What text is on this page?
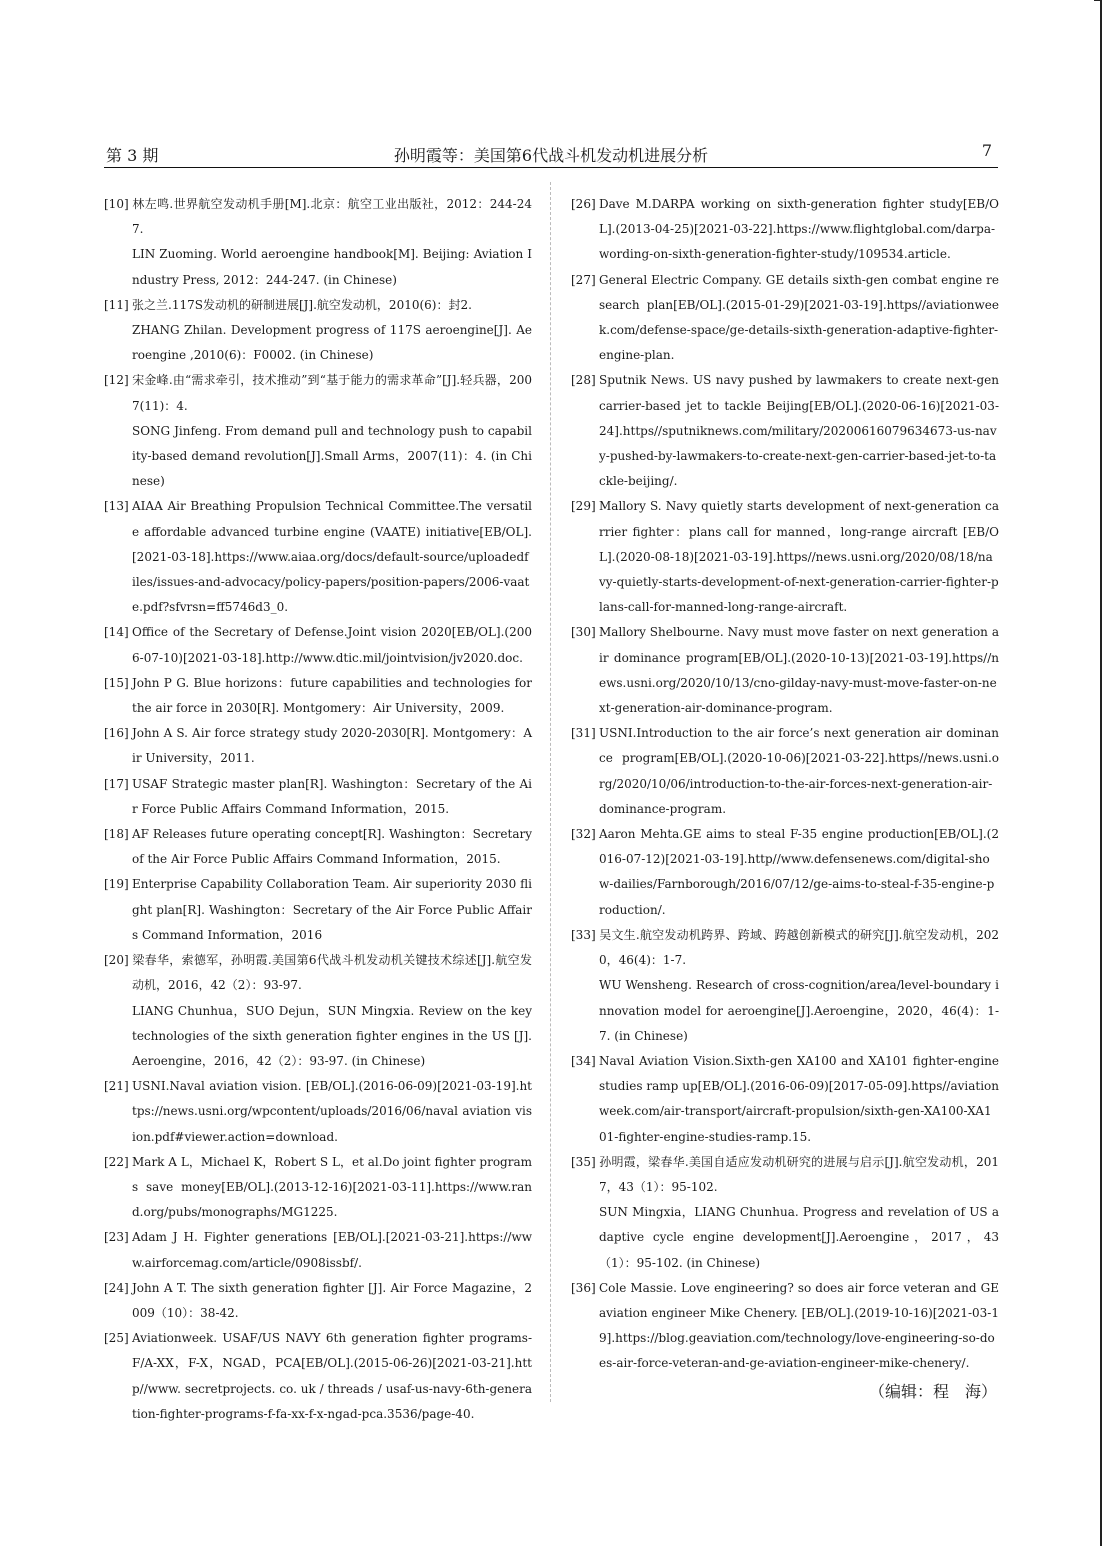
第 3 期	孙明霞等：美国第6代战斗机发动机进展分析	7
[10] 林左鸣.世界航空发动机手册[M].北京：航空工业出版社，2012：244-247.
LIN Zuoming. World aeroengine handbook[M]. Beijing: Aviation Industry Press, 2012：244-247. (in Chinese)
[11] 张之兰.117S发动机的研制进展[J].航空发动机，2010(6)：封2.
ZHANG Zhilan. Development progress of 117S aeroengine[J]. Aeroengine ,2010(6)：F0002. (in Chinese)
[12] 宋金峰.由“需求牵引，技术推动”到“基于能力的需求革命”[J].轻兵器，2007(11)：4.
SONG Jinfeng. From demand pull and technology push to capability-based demand revolution[J].Small Arms，2007(11)：4. (in Chinese)
[13] AIAA Air Breathing Propulsion Technical Committee.The versatile affordable advanced turbine engine (VAATE) initiative[EB/OL].[2021-03-18].https://www.aiaa.org/docs/default-source/uploadedfiles/issues-and-advocacy/policy-papers/position-papers/2006-vaate.pdf?sfvrsn=ff5746d3_0.
[14] Office of the Secretary of Defense.Joint vision 2020[EB/OL].(2006-07-10)[2021-03-18].http://www.dtic.mil/jointvision/jv2020.doc.
[15] John P G. Blue horizons：future capabilities and technologies for the air force in 2030[R]. Montgomery：Air University，2009.
[16] John A S. Air force strategy study 2020-2030[R]. Montgomery：Air University，2011.
[17] USAF Strategic master plan[R]. Washington：Secretary of the Air Force Public Affairs Command Information，2015.
[18] AF Releases future operating concept[R]. Washington：Secretary of the Air Force Public Affairs Command Information，2015.
[19] Enterprise Capability Collaboration Team. Air superiority 2030 flight plan[R]. Washington：Secretary of the Air Force Public Affairs Command Information，2016
[20] 梁春华，索德军，孙明霞.美国第6代战斗机发动机关键技术综述[J].航空发动机，2016，42（2）：93-97.
LIANG Chunhua，SUO Dejun，SUN Mingxia. Review on the key technologies of the sixth generation fighter engines in the US [J].Aeroengine，2016，42（2）：93-97. (in Chinese)
[21] USNI.Naval aviation vision. [EB/OL].(2016-06-09)[2021-03-19].https://news.usni.org/wpcontent/uploads/2016/06/naval aviation vision.pdf#viewer.action=download.
[22] Mark A L，Michael K，Robert S L，et al.Do joint fighter programs save money[EB/OL].(2013-12-16)[2021-03-11].https://www.rand.org/pubs/monographs/MG1225.
[23] Adam J H. Fighter generations [EB/OL].[2021-03-21].https://www.airforcemag.com/article/0908issbf/.
[24] John A T. The sixth generation fighter [J]. Air Force Magazine，2009（10）：38-42.
[25] Aviationweek. USAF/US NAVY 6th generation fighter programs-F/A-XX，F-X，NGAD，PCA[EB/OL].(2015-06-26)[2021-03-21].http//www. secretprojects. co. uk / threads / usaf-us-navy-6th-generation-fighter-programs-f-fa-xx-f-x-ngad-pca.3536/page-40.
[26] Dave M.DARPA working on sixth-generation fighter study[EB/OL].(2013-04-25)[2021-03-22].https://www.flightglobal.com/darpa-wording-on-sixth-generation-fighter-study/109534.article.
[27] General Electric Company. GE details sixth-gen combat engine research plan[EB/OL].(2015-01-29)[2021-03-19].https//aviationweek.com/defense-space/ge-details-sixth-generation-adaptive-fighter-engine-plan.
[28] Sputnik News. US navy pushed by lawmakers to create next-gen carrier-based jet to tackle Beijing[EB/OL].(2020-06-16)[2021-03-24].https//sputniknews.com/military/20200616079634673-us-navy-pushed-by-lawmakers-to-create-next-gen-carrier-based-jet-to-tackle-beijing/.
[29] Mallory S. Navy quietly starts development of next-generation carrier fighter：plans call for manned，long-range aircraft [EB/OL].(2020-08-18)[2021-03-19].https//news.usni.org/2020/08/18/navy-quietly-starts-development-of-next-generation-carrier-fighter-plans-call-for-manned-long-range-aircraft.
[30] Mallory Shelbourne. Navy must move faster on next generation air dominance program[EB/OL].(2020-10-13)[2021-03-19].https//news.usni.org/2020/10/13/cno-gilday-navy-must-move-faster-on-next-generation-air-dominance-program.
[31] USNI.Introduction to the air force’s next generation air dominance program[EB/OL].(2020-10-06)[2021-03-22].https//news.usni.org/2020/10/06/introduction-to-the-air-forces-next-generation-air-dominance-program.
[32] Aaron Mehta.GE aims to steal F-35 engine production[EB/OL].(2016-07-12)[2021-03-19].http//www.defensenews.com/digital-show-dailies/Farnborough/2016/07/12/ge-aims-to-steal-f-35-engine-production/.
[33] 吴文生.航空发动机跨界、跨域、跨越创新模式的研究[J].航空发动机，2020，46(4)：1-7.
WU Wensheng. Research of cross-cognition/area/level-boundary innovation model for aeroengine[J].Aeroengine，2020，46(4)：1-7. (in Chinese)
[34] Naval Aviation Vision.Sixth-gen XA100 and XA101 fighter-engine studies ramp up[EB/OL].(2016-06-09)[2017-05-09].https//aviationweek.com/air-transport/aircraft-propulsion/sixth-gen-XA100-XA101-fighter-engine-studies-ramp.15.
[35] 孙明霞，梁春华.美国自适应发动机研究的进展与启示[J].航空发动机，2017，43（1）：95-102.
SUN Mingxia，LIANG Chunhua. Progress and revelation of US adaptive cycle engine development[J].Aeroengine，2017，43（1）：95-102. (in Chinese)
[36] Cole Massie. Love engineering? so does air force veteran and GE aviation engineer Mike Chenery. [EB/OL].(2019-10-16)[2021-03-19].https://blog.geaviation.com/technology/love-engineering-so-does-air-force-veteran-and-ge-aviation-engineer-mike-chenery/.
（编辑：程　海）
